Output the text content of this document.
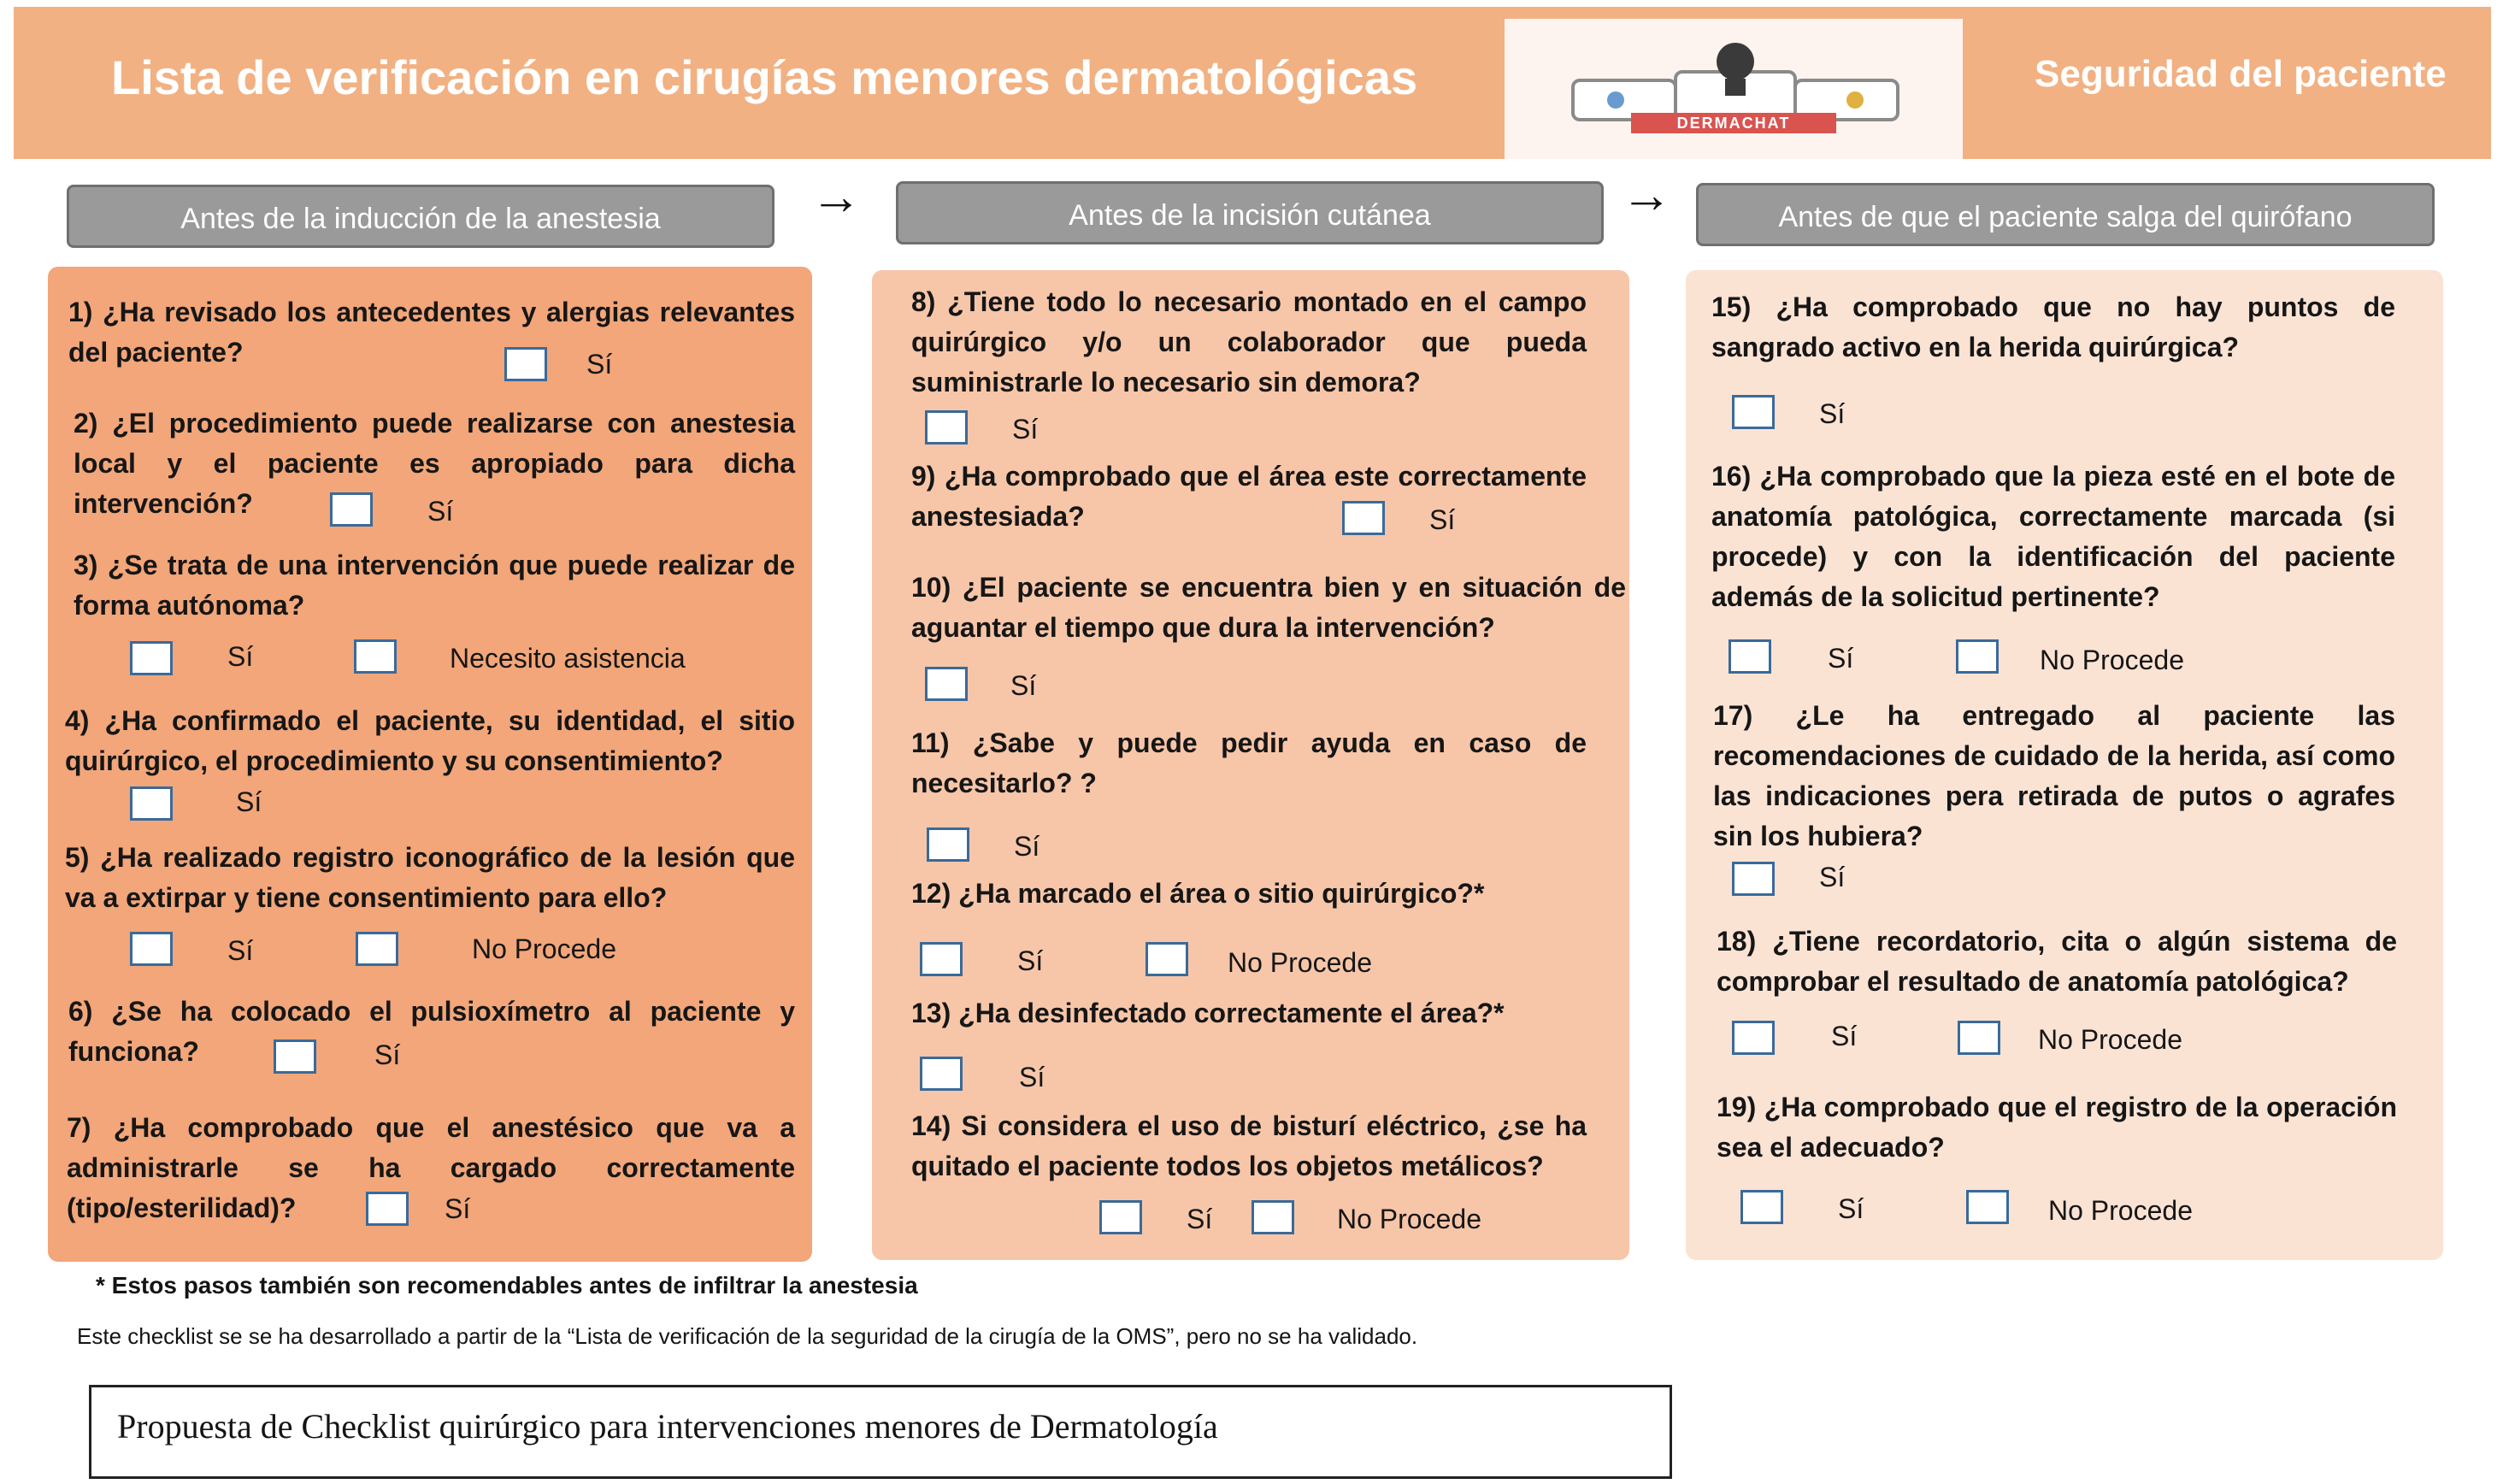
Lista de verificación en cirugías menores dermatológicas
DERMACHAT
Seguridad del paciente
Antes de la inducción de la anestesia	→	Antes de la incisión cutánea	→	Antes de que el paciente salga del quirófano
1) ¿Ha revisado los antecedentes y alergias relevantes del paciente?	Sí
2) ¿El procedimiento puede realizarse con anestesia local y el paciente es apropiado para dicha intervención?	Sí
3) ¿Se trata de una intervención que puede realizar de forma autónoma?
Sí	Necesito asistencia
4) ¿Ha confirmado el paciente, su identidad, el sitio quirúrgico, el procedimiento y su consentimiento?
Sí
5) ¿Ha realizado registro iconográfico de la lesión que va a extirpar y tiene consentimiento para ello?
Sí	No Procede
6) ¿Se ha colocado el pulsioxímetro al paciente y funciona?	Sí
7) ¿Ha comprobado que el anestésico que va a administrarle se ha cargado correctamente (tipo/esterilidad)?	Sí
8) ¿Tiene todo lo necesario montado en el campo quirúrgico y/o un colaborador que pueda suministrarle lo necesario sin demora?
Sí
9) ¿Ha comprobado que el área este correctamente anestesiada?	Sí
10) ¿El paciente se encuentra bien y en situación de aguantar el tiempo que dura la intervención?
Sí
11) ¿Sabe y puede pedir ayuda en caso de necesitarlo? ?
Sí
12) ¿Ha marcado el área o sitio quirúrgico?*
Sí	No Procede
13) ¿Ha desinfectado correctamente el área?*
Sí
14) Si considera el uso de bisturí eléctrico, ¿se ha quitado el paciente todos los objetos metálicos?
Sí	No Procede
15) ¿Ha comprobado que no hay puntos de sangrado activo en la herida quirúrgica?
Sí
16) ¿Ha comprobado que la pieza esté en el bote de anatomía patológica, correctamente marcada (si procede) y con la identificación del paciente además de la solicitud pertinente?
Sí	No Procede
17) ¿Le ha entregado al paciente las recomendaciones de cuidado de la herida, así como las indicaciones pera retirada de putos o agrafes sin los hubiera?
Sí
18) ¿Tiene recordatorio, cita o algún sistema de comprobar el resultado de anatomía patológica?
Sí	No Procede
19) ¿Ha comprobado que el registro de la operación sea el adecuado?
Sí	No Procede
* Estos pasos también son recomendables antes de infiltrar la anestesia
Este checklist se se ha desarrollado a partir de la “Lista de verificación de la seguridad de la cirugía de la OMS”, pero no se ha validado.
Propuesta de Checklist quirúrgico para intervenciones menores de Dermatología
